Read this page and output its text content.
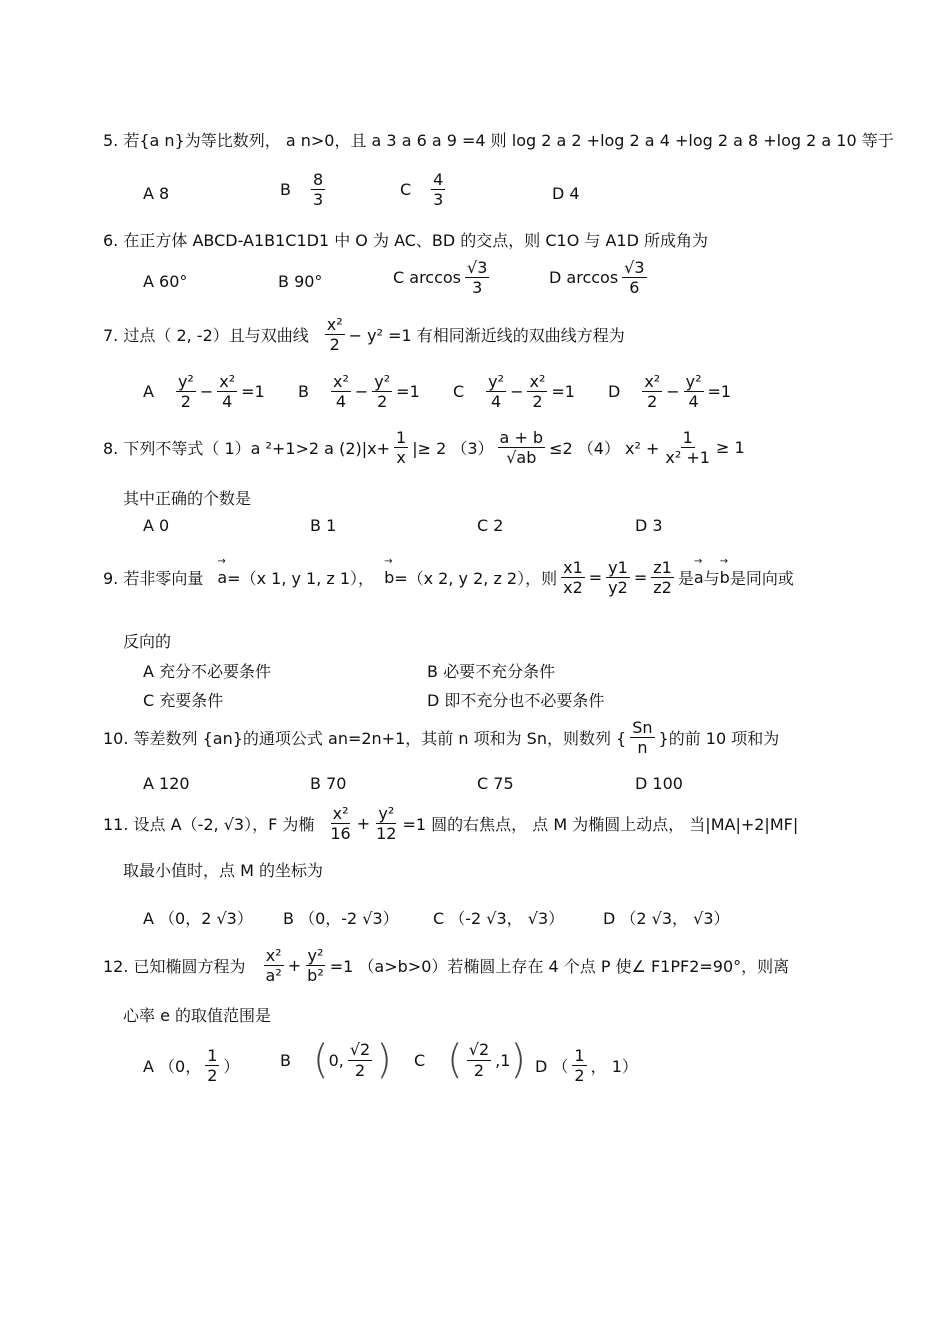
5. 若{a n}为等比数列， a n>0，且 a 3 a 6 a 9 =4 则 log 2 a 2 +log 2 a 4 +log 2 a 8 +log 2 a 10 等于
A 8	B $\frac{8}{3}$	C $\frac{4}{3}$	D 4
6. 在正方体 ABCD-A1B1C1D1 中 O 为 AC、BD 的交点，则 C1O 与 A1D 所成角为
A 60°	B 90°	C $\arccos \frac{√3}{3}$	D $\arccos \frac{√3}{6}$
7. 过点（ 2, -2）且与双曲线 $\frac{\text{x²}}{2} - y^2 =1$ 有相同渐近线的双曲线方程为
A $\frac{\text{y²}}{2} - \frac{\text{x²}}{4} =1$ B $\frac{\text{x²}}{4} - \frac{\text{y²}}{2} =1$ C $\frac{\text{y²}}{4} - \frac{\text{x²}}{2} =1$ D $\frac{\text{x²}}{2} - \frac{\text{y²}}{4} =1$
8. 下列不等式（ 1）a ²+1>2 a $(2)|x+ \frac{1}{x}$ |≥ 2 $(3) \frac{a + b}{√ab} \le 2$ （4） $x^2 + \frac{1}{\text{x² +1}} \ge 1$
其中正确的个数是
A 0	B 1	C 2	D 3
9. 若非零向量 → a =（x 1, y 1, z 1）， → b =（x 2, y 2, z 2），则 $\frac{x1}{x2} = \frac{y1}{y2} = \frac{z1}{z2}$ 是 → a 与 → b 是同向或
反向的
A 充分不必要条件	B 必要不充分条件
C 充要条件	D 即不充分也不必要条件
10. 等差数列 {an}的通项公式 an=2n+1，其前 n 项和为 Sn，则数列 { $\frac{Sn}{n}$ }的前 10 项和为
A 120	B 70	C 75	D 100
11. 设点 A（-2, √3），F 为椭 $\frac{\text{x²}}{16} + \frac{\text{y²}}{12} =1$ 圆的右焦点， 点 M 为椭圆上动点， 当|MA|+2|MF|
取最小值时，点 M 的坐标为
A （0，2 √3） B （0，-2 √3） C （-2 √3， √3） D （2 √3， √3）
12. 已知椭圆方程为 $\frac{\text{x²}}{\text{a²}} + \frac{\text{y²}}{\text{b²}} =1$ （a>b>0）若椭圆上存在 4 个点 P 使∠ F1PF2=90°，则离
心率 e 的取值范围是
A （0， $\frac{1}{2}$ ）	B ( 0, $\frac{√2}{2}$ ) C ( $\frac{√2}{2} ,1$ ) D （ $\frac{1}{2}$ ， 1）
